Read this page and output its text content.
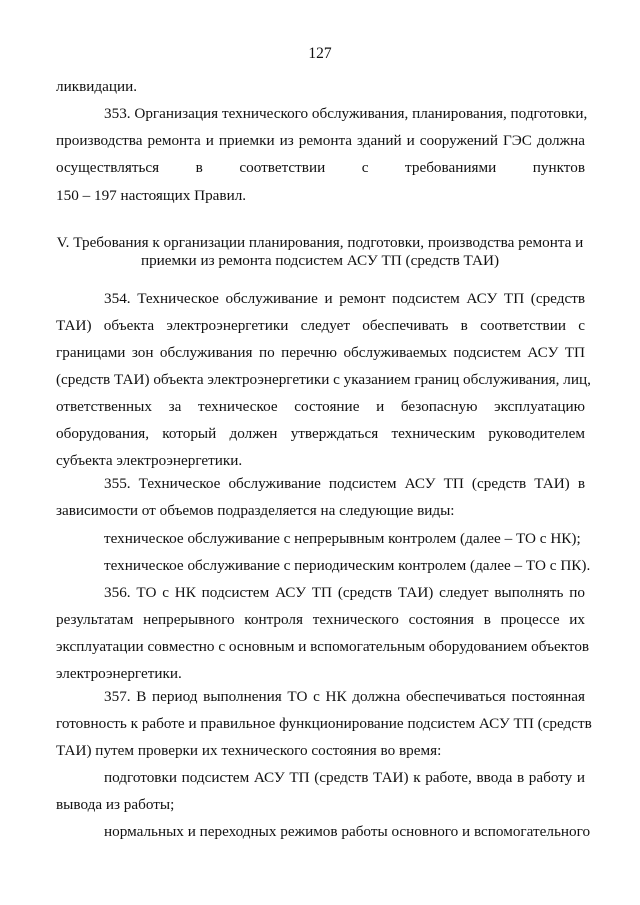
127
ликвидации.
353. Организация технического обслуживания, планирования, подготовки,
производства ремонта и приемки из ремонта зданий и сооружений ГЭС должна
осуществляться в соответствии с требованиями пунктов
150 – 197 настоящих Правил.
V. Требования к организации планирования, подготовки, производства ремонта и
приемки из ремонта подсистем АСУ ТП (средств ТАИ)
354. Техническое обслуживание и ремонт подсистем АСУ ТП (средств
ТАИ) объекта электроэнергетики следует обеспечивать в соответствии с
границами зон обслуживания по перечню обслуживаемых подсистем АСУ ТП
(средств ТАИ) объекта электроэнергетики с указанием границ обслуживания, лиц,
ответственных за техническое состояние и безопасную эксплуатацию
оборудования, который должен утверждаться техническим руководителем
субъекта электроэнергетики.
355. Техническое обслуживание подсистем АСУ ТП (средств ТАИ) в
зависимости от объемов подразделяется на следующие виды:
техническое обслуживание с непрерывным контролем (далее – ТО с НК);
техническое обслуживание с периодическим контролем (далее – ТО с ПК).
356. ТО с НК подсистем АСУ ТП (средств ТАИ) следует выполнять по
результатам непрерывного контроля технического состояния в процессе их
эксплуатации совместно с основным и вспомогательным оборудованием объектов
электроэнергетики.
357. В период выполнения ТО с НК должна обеспечиваться постоянная
готовность к работе и правильное функционирование подсистем АСУ ТП (средств
ТАИ) путем проверки их технического состояния во время:
подготовки подсистем АСУ ТП (средств ТАИ) к работе, ввода в работу и
вывода из работы;
нормальных и переходных режимов работы основного и вспомогательного
